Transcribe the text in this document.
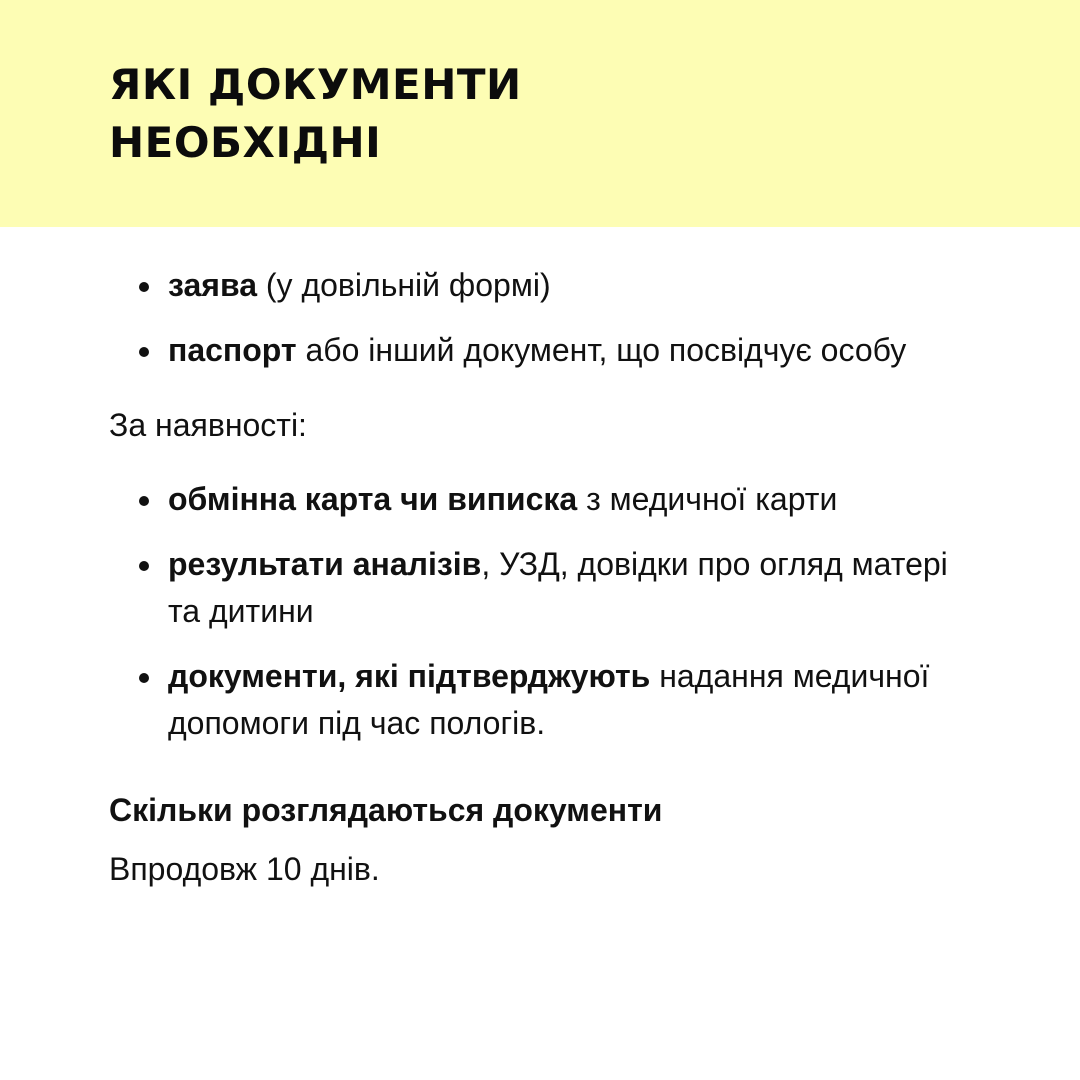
ЯКІ ДОКУМЕНТИ
НЕОБХІДНІ
заява (у довільній формі)
паспорт або інший документ, що посвідчує особу

За наявності:

обмінна карта чи виписка з медичної карти
результати аналізів, УЗД, довідки про огляд матері та дитини
документи, які підтверджують надання медичної допомоги під час пологів.

Скільки розглядаються документи

Впродовж 10 днів.
